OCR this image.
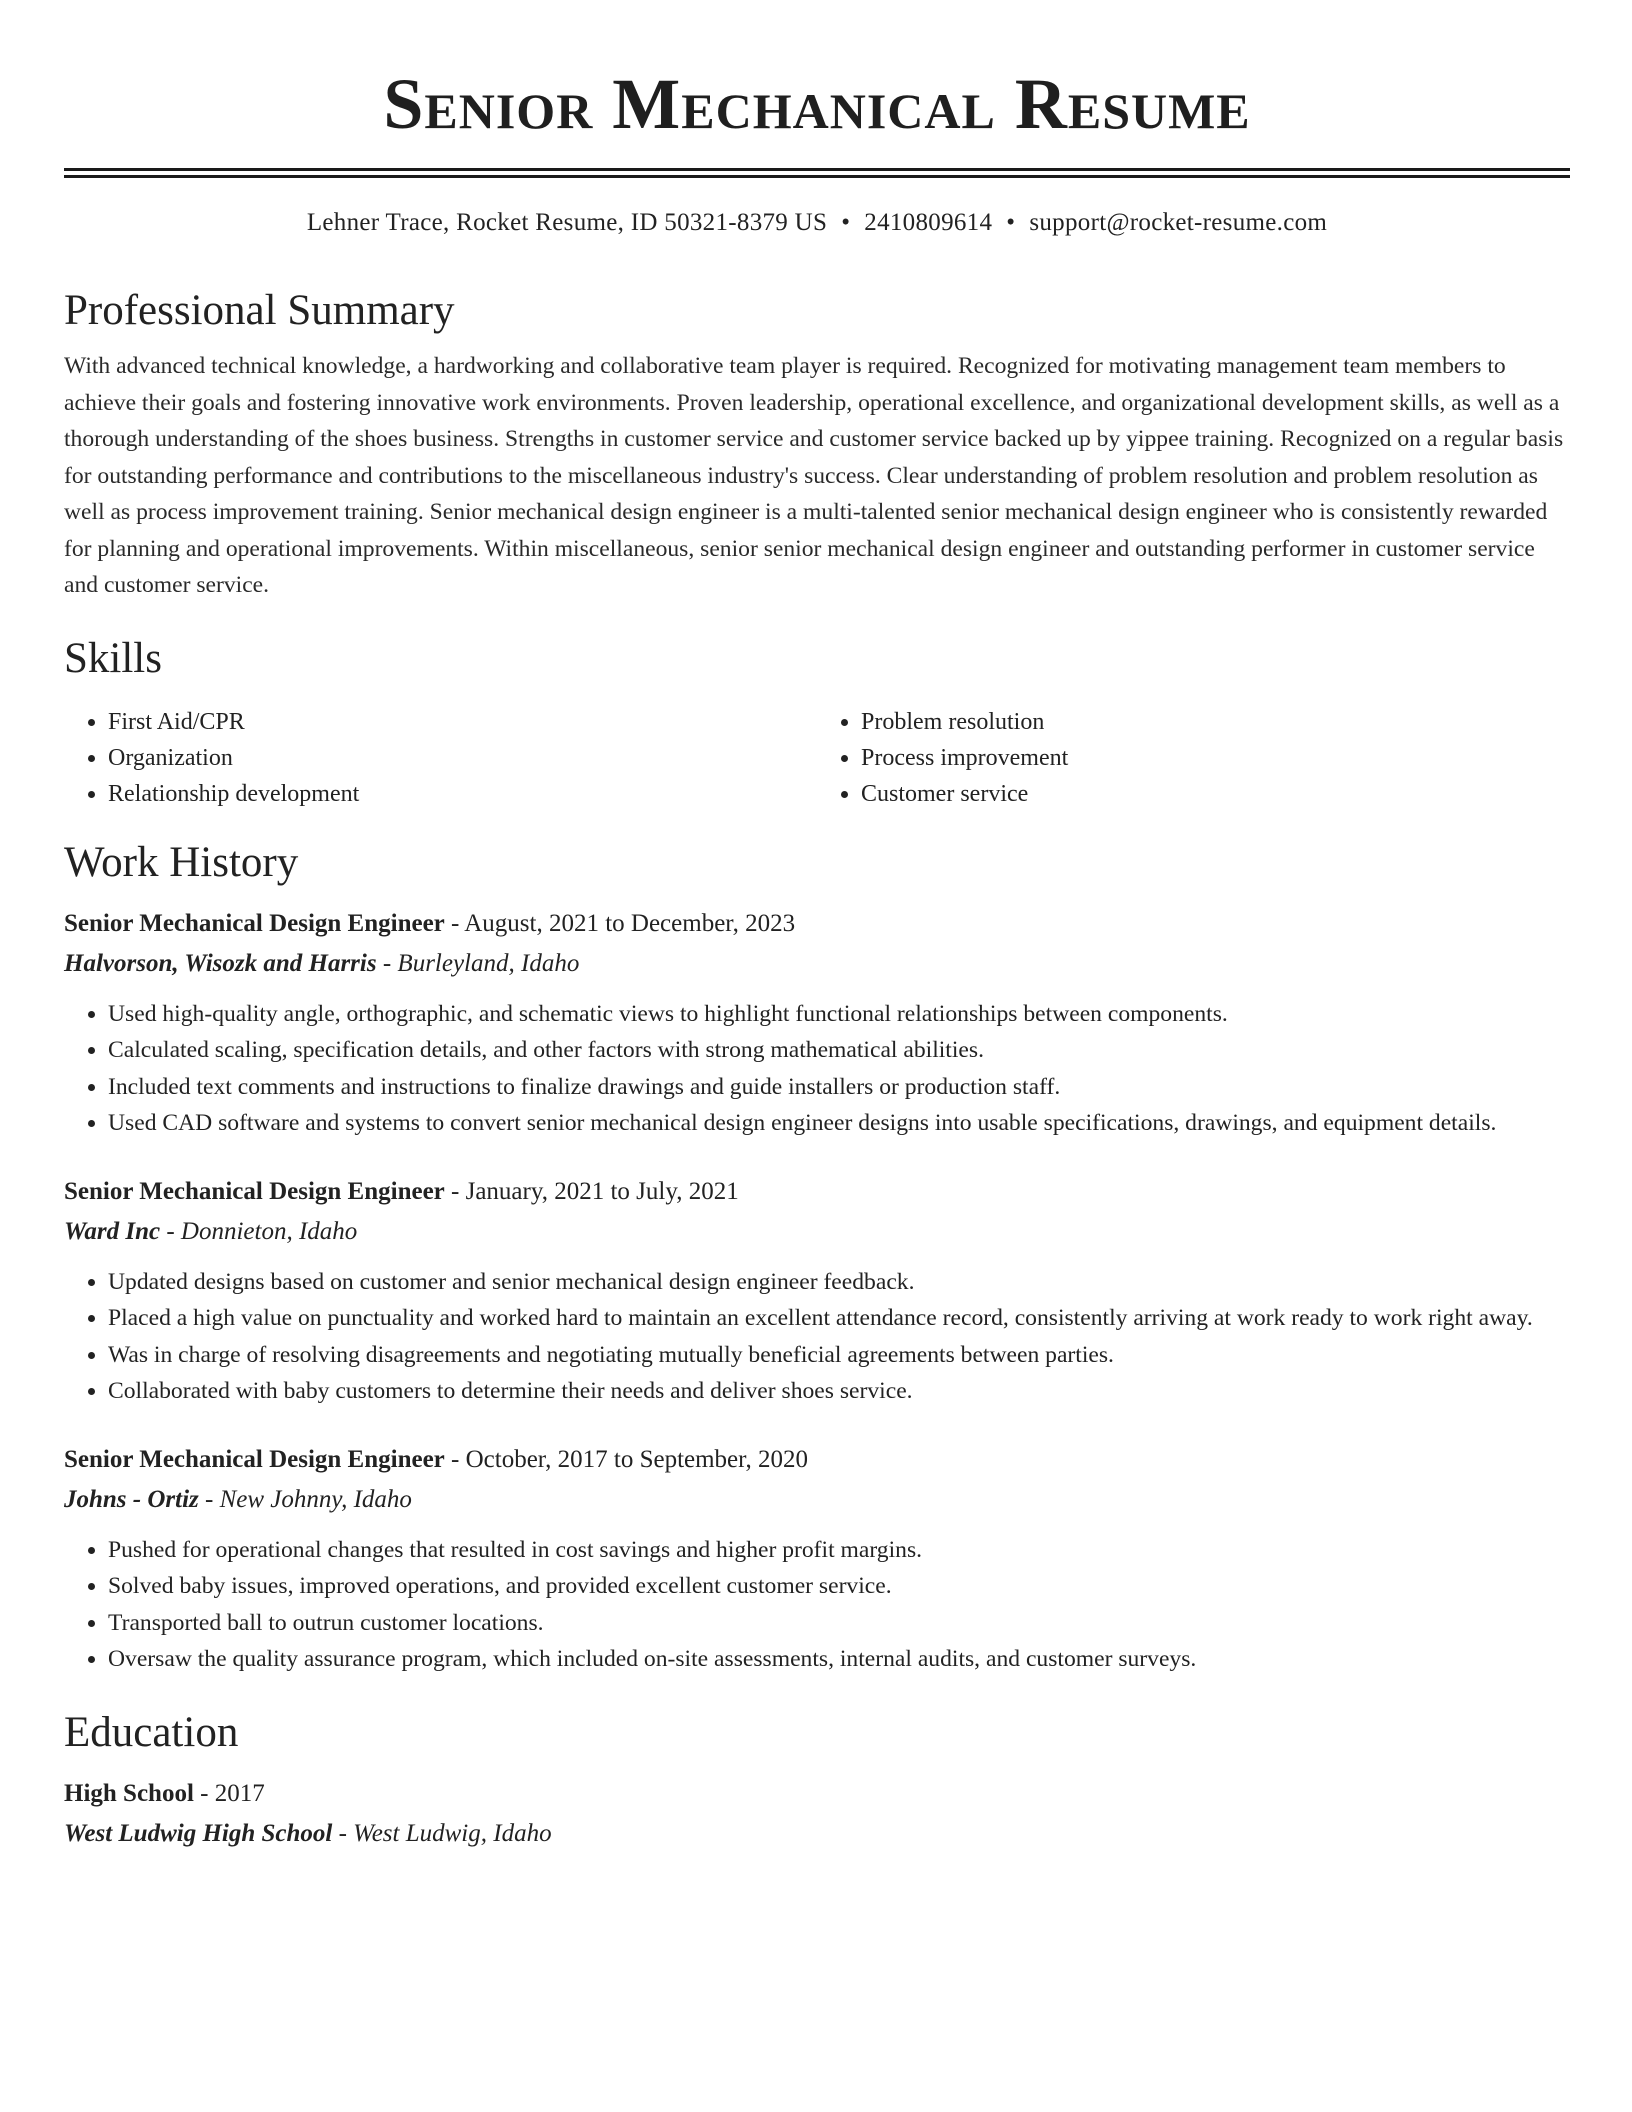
Senior Mechanical Resume
Lehner Trace, Rocket Resume, ID 50321-8379 US • 2410809614 • support@rocket-resume.com
Professional Summary
With advanced technical knowledge, a hardworking and collaborative team player is required. Recognized for motivating management team members to achieve their goals and fostering innovative work environments. Proven leadership, operational excellence, and organizational development skills, as well as a thorough understanding of the shoes business. Strengths in customer service and customer service backed up by yippee training. Recognized on a regular basis for outstanding performance and contributions to the miscellaneous industry's success. Clear understanding of problem resolution and problem resolution as well as process improvement training. Senior mechanical design engineer is a multi-talented senior mechanical design engineer who is consistently rewarded for planning and operational improvements. Within miscellaneous, senior senior mechanical design engineer and outstanding performer in customer service and customer service.
Skills
• First Aid/CPR
• Organization
• Relationship development
• Problem resolution
• Process improvement
• Customer service
Work History
Senior Mechanical Design Engineer - August, 2021 to December, 2023
Halvorson, Wisozk and Harris - Burleyland, Idaho
• Used high-quality angle, orthographic, and schematic views to highlight functional relationships between components.
• Calculated scaling, specification details, and other factors with strong mathematical abilities.
• Included text comments and instructions to finalize drawings and guide installers or production staff.
• Used CAD software and systems to convert senior mechanical design engineer designs into usable specifications, drawings, and equipment details.
Senior Mechanical Design Engineer - January, 2021 to July, 2021
Ward Inc - Donnieton, Idaho
• Updated designs based on customer and senior mechanical design engineer feedback.
• Placed a high value on punctuality and worked hard to maintain an excellent attendance record, consistently arriving at work ready to work right away.
• Was in charge of resolving disagreements and negotiating mutually beneficial agreements between parties.
• Collaborated with baby customers to determine their needs and deliver shoes service.
Senior Mechanical Design Engineer - October, 2017 to September, 2020
Johns - Ortiz - New Johnny, Idaho
• Pushed for operational changes that resulted in cost savings and higher profit margins.
• Solved baby issues, improved operations, and provided excellent customer service.
• Transported ball to outrun customer locations.
• Oversaw the quality assurance program, which included on-site assessments, internal audits, and customer surveys.
Education
High School - 2017
West Ludwig High School - West Ludwig, Idaho
